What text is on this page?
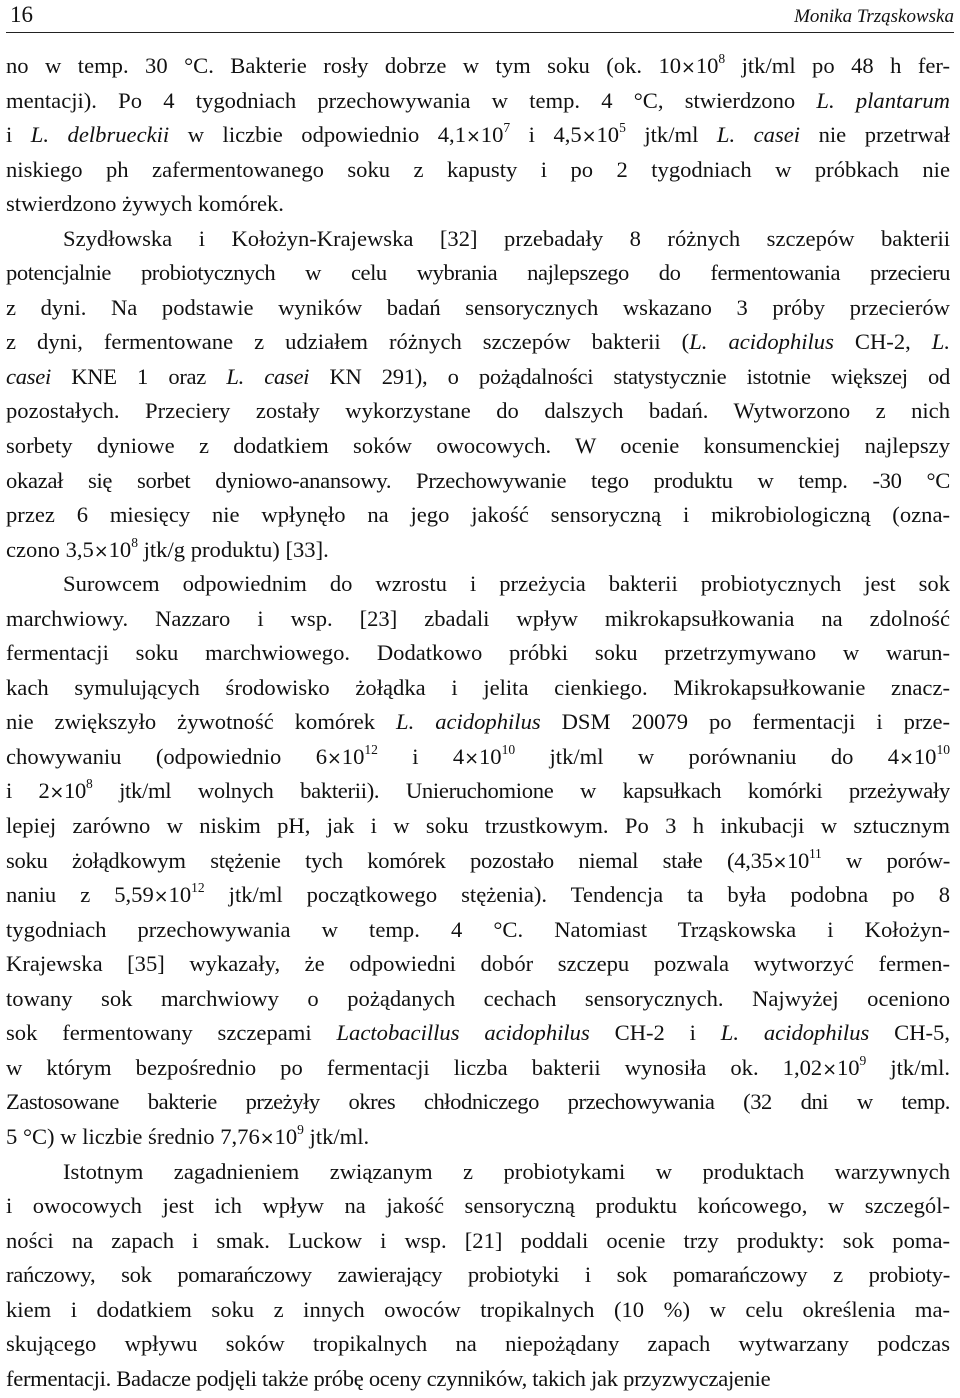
16	Monika Trząskowska
no w temp. 30 °C. Bakterie rosły dobrze w tym soku (ok. $10\times 10^8$ jtk/ml po 48 h fer-
mentacji). Po 4 tygodniach przechowywania w temp. 4 °C, stwierdzono L. plantarum
i L. delbrueckii w liczbie odpowiednio $4,1\times 10^7$ i $4,5\times 10^5$ jtk/ml L. casei nie przetrwał
niskiego ph zafermentowanego soku z kapusty i po 2 tygodniach w próbkach nie
stwierdzono żywych komórek.
Szydłowska i Kołożyn-Krajewska [32] przebadały 8 różnych szczepów bakterii
potencjalnie probiotycznych w celu wybrania najlepszego do fermentowania przecieru
z dyni. Na podstawie wyników badań sensorycznych wskazano 3 próby przecierów
z dyni, fermentowane z udziałem różnych szczepów bakterii (L. acidophilus CH-2, L.
casei KNE 1 oraz L. casei KN 291), o pożądalności statystycznie istotnie większej od
pozostałych. Przeciery zostały wykorzystane do dalszych badań. Wytworzono z nich
sorbety dyniowe z dodatkiem soków owocowych. W ocenie konsumenckiej najlepszy
okazał się sorbet dyniowo-anansowy. Przechowywanie tego produktu w temp. -30 °C
przez 6 miesięcy nie wpłynęło na jego jakość sensoryczną i mikrobiologiczną (ozna-
czono $3,5\times 10^8$ jtk/g produktu) [33].
Surowcem odpowiednim do wzrostu i przeżycia bakterii probiotycznych jest sok
marchwiowy. Nazzaro i wsp. [23] zbadali wpływ mikrokapsułkowania na zdolność
fermentacji soku marchwiowego. Dodatkowo próbki soku przetrzymywano w warun-
kach symulujących środowisko żołądka i jelita cienkiego. Mikrokapsułkowanie znacz-
nie zwiększyło żywotność komórek L. acidophilus DSM 20079 po fermentacji i prze-
chowywaniu (odpowiednio $6\times 10^{12}$ i $4\times 10^{10}$ jtk/ml w porównaniu do $4\times 10^{10}$
i $2\times 10^8$ jtk/ml wolnych bakterii). Unieruchomione w kapsułkach komórki przeżywały
lepiej zarówno w niskim pH, jak i w soku trzustkowym. Po 3 h inkubacji w sztucznym
soku żołądkowym stężenie tych komórek pozostało niemal stałe ($4,35\times 10^{11}$ w porów-
naniu z $5,59\times 10^{12}$ jtk/ml początkowego stężenia). Tendencja ta była podobna po 8
tygodniach przechowywania w temp. 4 °C. Natomiast Trząskowska i Kołożyn-
Krajewska [35] wykazały, że odpowiedni dobór szczepu pozwala wytworzyć fermen-
towany sok marchwiowy o pożądanych cechach sensorycznych. Najwyżej oceniono
sok fermentowany szczepami Lactobacillus acidophilus CH-2 i L. acidophilus CH-5,
w którym bezpośrednio po fermentacji liczba bakterii wynosiła ok. $1,02\times 10^9$ jtk/ml.
Zastosowane bakterie przeżyły okres chłodniczego przechowywania (32 dni w temp.
5 °C) w liczbie średnio $7,76\times 10^9$ jtk/ml.
Istotnym zagadnieniem związanym z probiotykami w produktach warzywnych
i owocowych jest ich wpływ na jakość sensoryczną produktu końcowego, w szczegól-
ności na zapach i smak. Luckow i wsp. [21] poddali ocenie trzy produkty: sok poma-
rańczowy, sok pomarańczowy zawierający probiotyki i sok pomarańczowy z probioty-
kiem i dodatkiem soku z innych owoców tropikalnych (10 %) w celu określenia ma-
skującego wpływu soków tropikalnych na niepożądany zapach wytwarzany podczas
fermentacji. Badacze podjęli także próbę oceny czynników, takich jak przyzwyczajenie
